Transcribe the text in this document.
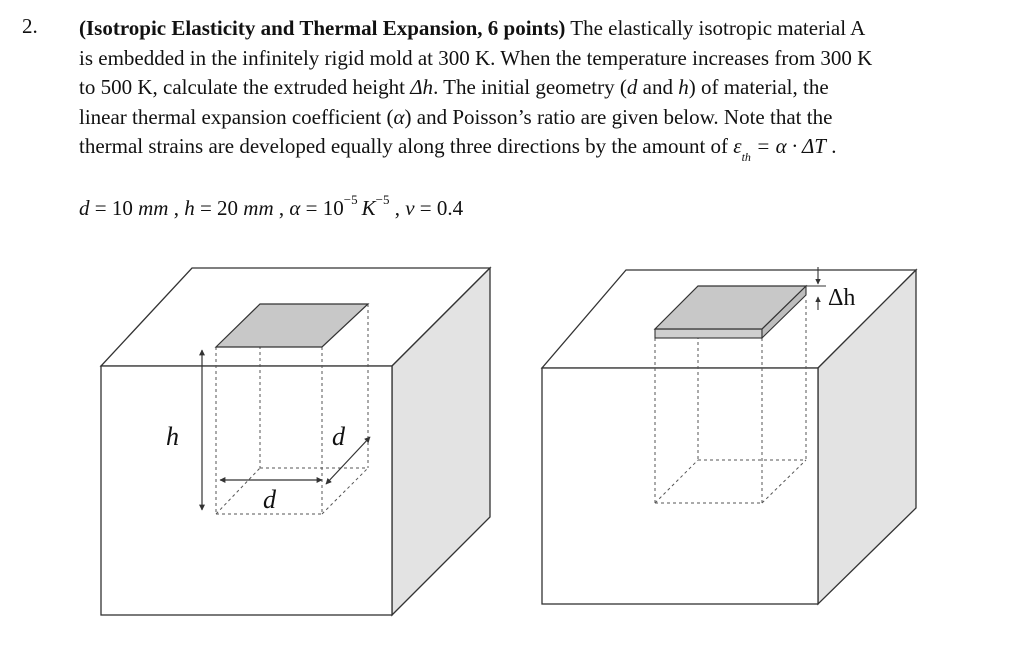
2. (Isotropic Elasticity and Thermal Expansion, 6 points) The elastically isotropic material A
is embedded in the infinitely rigid mold at 300 K. When the temperature increases from 300 K
to 500 K, calculate the extruded height Δh. The initial geometry (d and h) of material, the
linear thermal expansion coefficient (α) and Poisson’s ratio are given below. Note that the
thermal strains are developed equally along three directions by the amount of $\varepsilon_{th} = \alpha \cdot \Delta T$ .

d = 10 mm , h = 20 mm , $\alpha = 10^{-5}$ $K^{-5}$ , ν = 0.4
h	d
d
Δh
